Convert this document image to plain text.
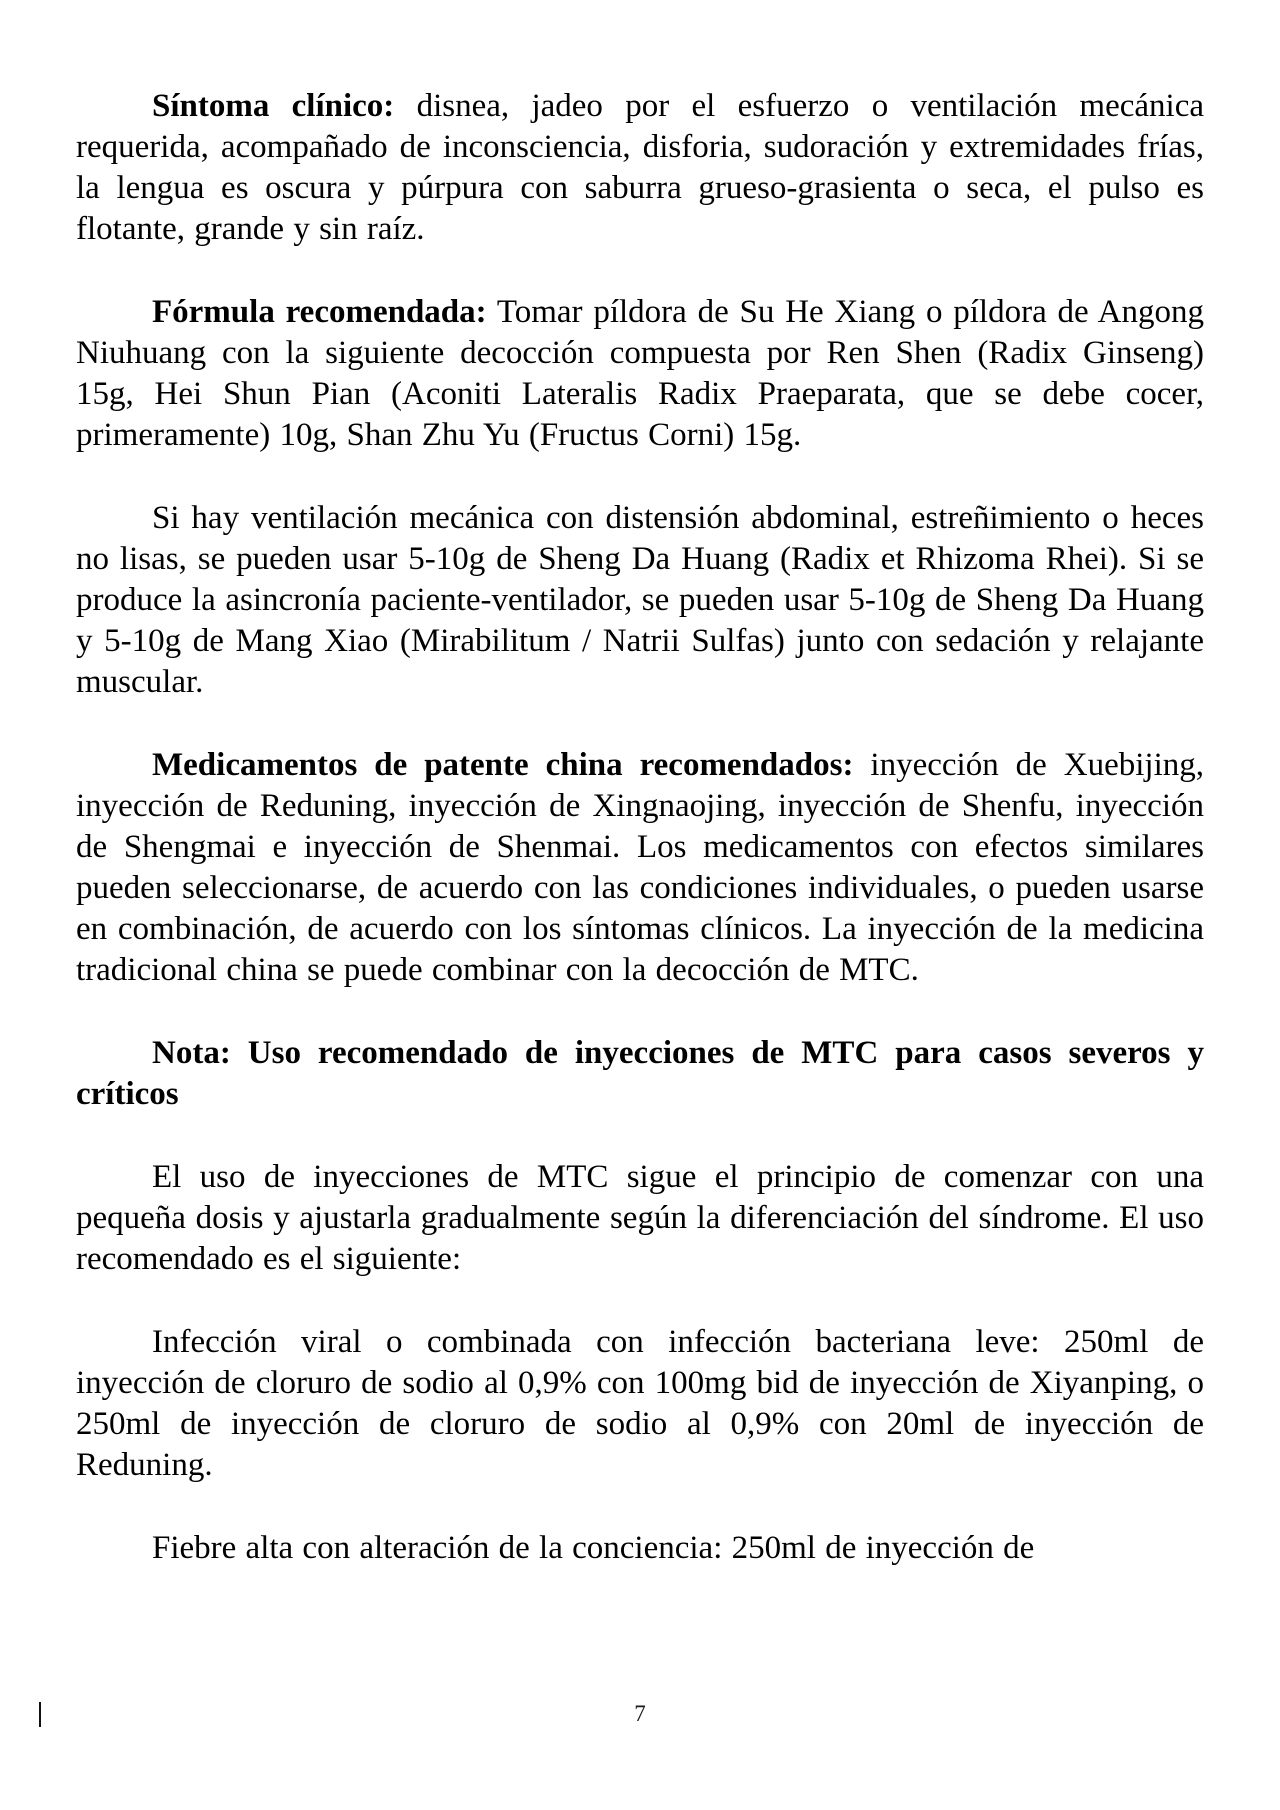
Síntoma clínico: disnea, jadeo por el esfuerzo o ventilación mecánica requerida, acompañado de inconsciencia, disforia, sudoración y extremidades frías, la lengua es oscura y púrpura con saburra grueso-grasienta o seca, el pulso es flotante, grande y sin raíz.

Fórmula recomendada: Tomar píldora de Su He Xiang o píldora de Angong Niuhuang con la siguiente decocción compuesta por Ren Shen (Radix Ginseng) 15g, Hei Shun Pian (Aconiti Lateralis Radix Praeparata, que se debe cocer, primeramente) 10g, Shan Zhu Yu (Fructus Corni) 15g.

Si hay ventilación mecánica con distensión abdominal, estreñimiento o heces no lisas, se pueden usar 5-10g de Sheng Da Huang (Radix et Rhizoma Rhei). Si se produce la asincronía paciente-ventilador, se pueden usar 5-10g de Sheng Da Huang y 5-10g de Mang Xiao (Mirabilitum / Natrii Sulfas) junto con sedación y relajante muscular.

Medicamentos de patente china recomendados: inyección de Xuebijing, inyección de Reduning, inyección de Xingnaojing, inyección de Shenfu, inyección de Shengmai e inyección de Shenmai. Los medicamentos con efectos similares pueden seleccionarse, de acuerdo con las condiciones individuales, o pueden usarse en combinación, de acuerdo con los síntomas clínicos. La inyección de la medicina tradicional china se puede combinar con la decocción de MTC.

Nota: Uso recomendado de inyecciones de MTC para casos severos y críticos

El uso de inyecciones de MTC sigue el principio de comenzar con una pequeña dosis y ajustarla gradualmente según la diferenciación del síndrome. El uso recomendado es el siguiente:

Infección viral o combinada con infección bacteriana leve: 250ml de inyección de cloruro de sodio al 0,9% con 100mg bid de inyección de Xiyanping, o 250ml de inyección de cloruro de sodio al 0,9% con 20ml de inyección de Reduning.

Fiebre alta con alteración de la conciencia: 250ml de inyección de

7
